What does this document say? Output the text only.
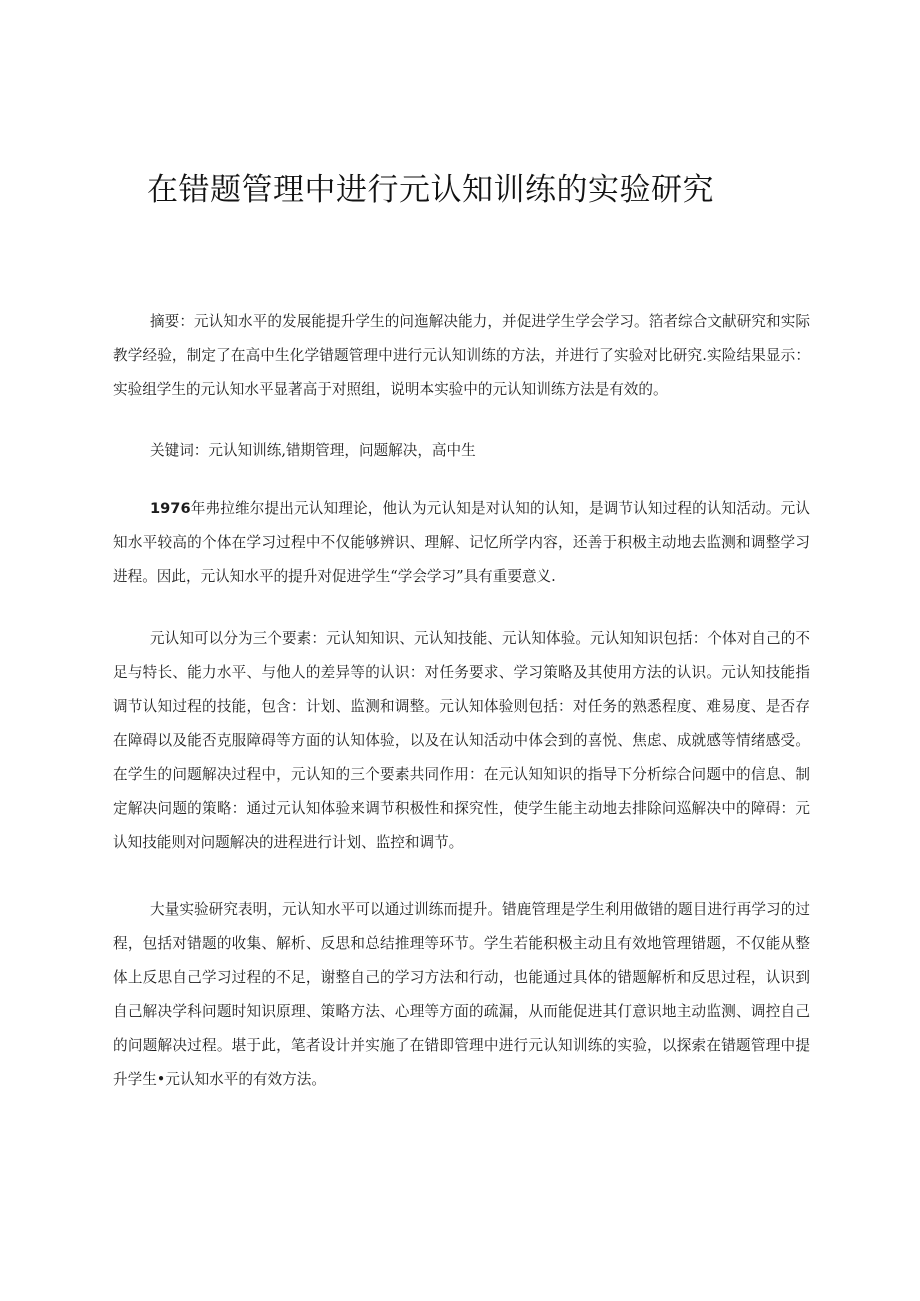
在错题管理中进行元认知训练的实验研究

摘要：元认知水平的发展能提升学生的问迤解决能力，并促进学生学会学习。箔者综合文献研究和实际教学经验，制定了在高中生化学错题管理中进行元认知训练的方法，并进行了实验对比研究.实险结果显示：实验组学生的元认知水平显著高于对照组，说明本实验中的元认知训练方法是有效的。

关键词：元认知训练,错期管理，问题解决，高中生

1976年弗拉维尔提出元认知理论，他认为元认知是对认知的认知，是调节认知过程的认知活动。元认知水平较高的个体在学习过程中不仅能够辨识、理解、记忆所学内容，还善于积极主动地去监测和调整学习进程。因此，元认知水平的提升对促进学生“学会学习”具有重要意义.

元认知可以分为三个要素：元认知知识、元认知技能、元认知体验。元认知知识包括：个体对自己的不足与特长、能力水平、与他人的差异等的认识：对任务要求、学习策略及其使用方法的认识。元认知技能指调节认知过程的技能，包含：计划、监测和调整。元认知体验则包括：对任务的熟悉程度、难易度、是否存在障碍以及能否克服障碍等方面的认知体验，以及在认知活动中体会到的喜悦、焦虑、成就感等情绪感受。在学生的问题解决过程中，元认知的三个要素共同作用：在元认知知识的指导下分析综合问题中的信息、制定解决问题的策略：通过元认知体验来调节积极性和探究性，使学生能主动地去排除问巡解决中的障碍：元认知技能则对问题解决的进程进行计划、监控和调节。

大量实验研究表明，元认知水平可以通过训练而提升。错鹿管理是学生利用做错的题目进行再学习的过程，包括对错题的收集、解析、反思和总结推理等环节。学生若能积极主动且有效地管理错题，不仅能从整体上反思自己学习过程的不足，谢整自己的学习方法和行动，也能通过具体的错题解析和反思过程，认识到自己解决学科问题时知识原理、策略方法、心理等方面的疏漏，从而能促进其仃意识地主动监测、调控自己的问题解决过程。堪于此，笔者设计并实施了在错即管理中进行元认知训练的实验，以探索在错题管理中提升学生•元认知水平的有效方法。
